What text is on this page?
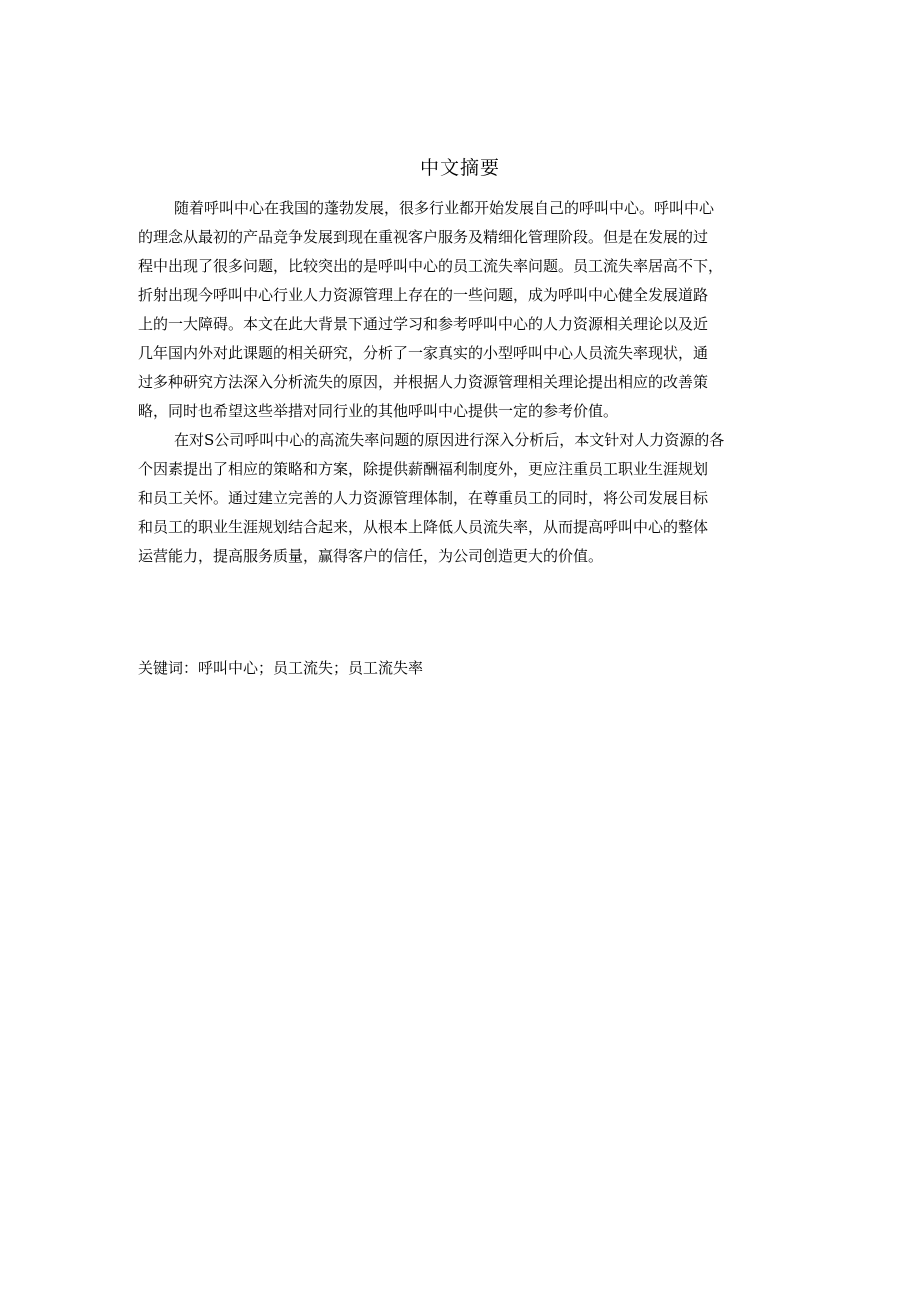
中文摘要
随着呼叫中心在我国的蓬勃发展，很多行业都开始发展自己的呼叫中心。呼叫中心
的理念从最初的产品竞争发展到现在重视客户服务及精细化管理阶段。但是在发展的过
程中出现了很多问题，比较突出的是呼叫中心的员工流失率问题。员工流失率居高不下，
折射出现今呼叫中心行业人力资源管理上存在的一些问题，成为呼叫中心健全发展道路
上的一大障碍。本文在此大背景下通过学习和参考呼叫中心的人力资源相关理论以及近
几年国内外对此课题的相关研究，分析了一家真实的小型呼叫中心人员流失率现状，通
过多种研究方法深入分析流失的原因，并根据人力资源管理相关理论提出相应的改善策
略，同时也希望这些举措对同行业的其他呼叫中心提供一定的参考价值。
在对S公司呼叫中心的高流失率问题的原因进行深入分析后，本文针对人力资源的各
个因素提出了相应的策略和方案，除提供薪酬福利制度外，更应注重员工职业生涯规划
和员工关怀。通过建立完善的人力资源管理体制，在尊重员工的同时，将公司发展目标
和员工的职业生涯规划结合起来，从根本上降低人员流失率，从而提高呼叫中心的整体
运营能力，提高服务质量，赢得客户的信任，为公司创造更大的价值。
关键词：呼叫中心；员工流失；员工流失率
